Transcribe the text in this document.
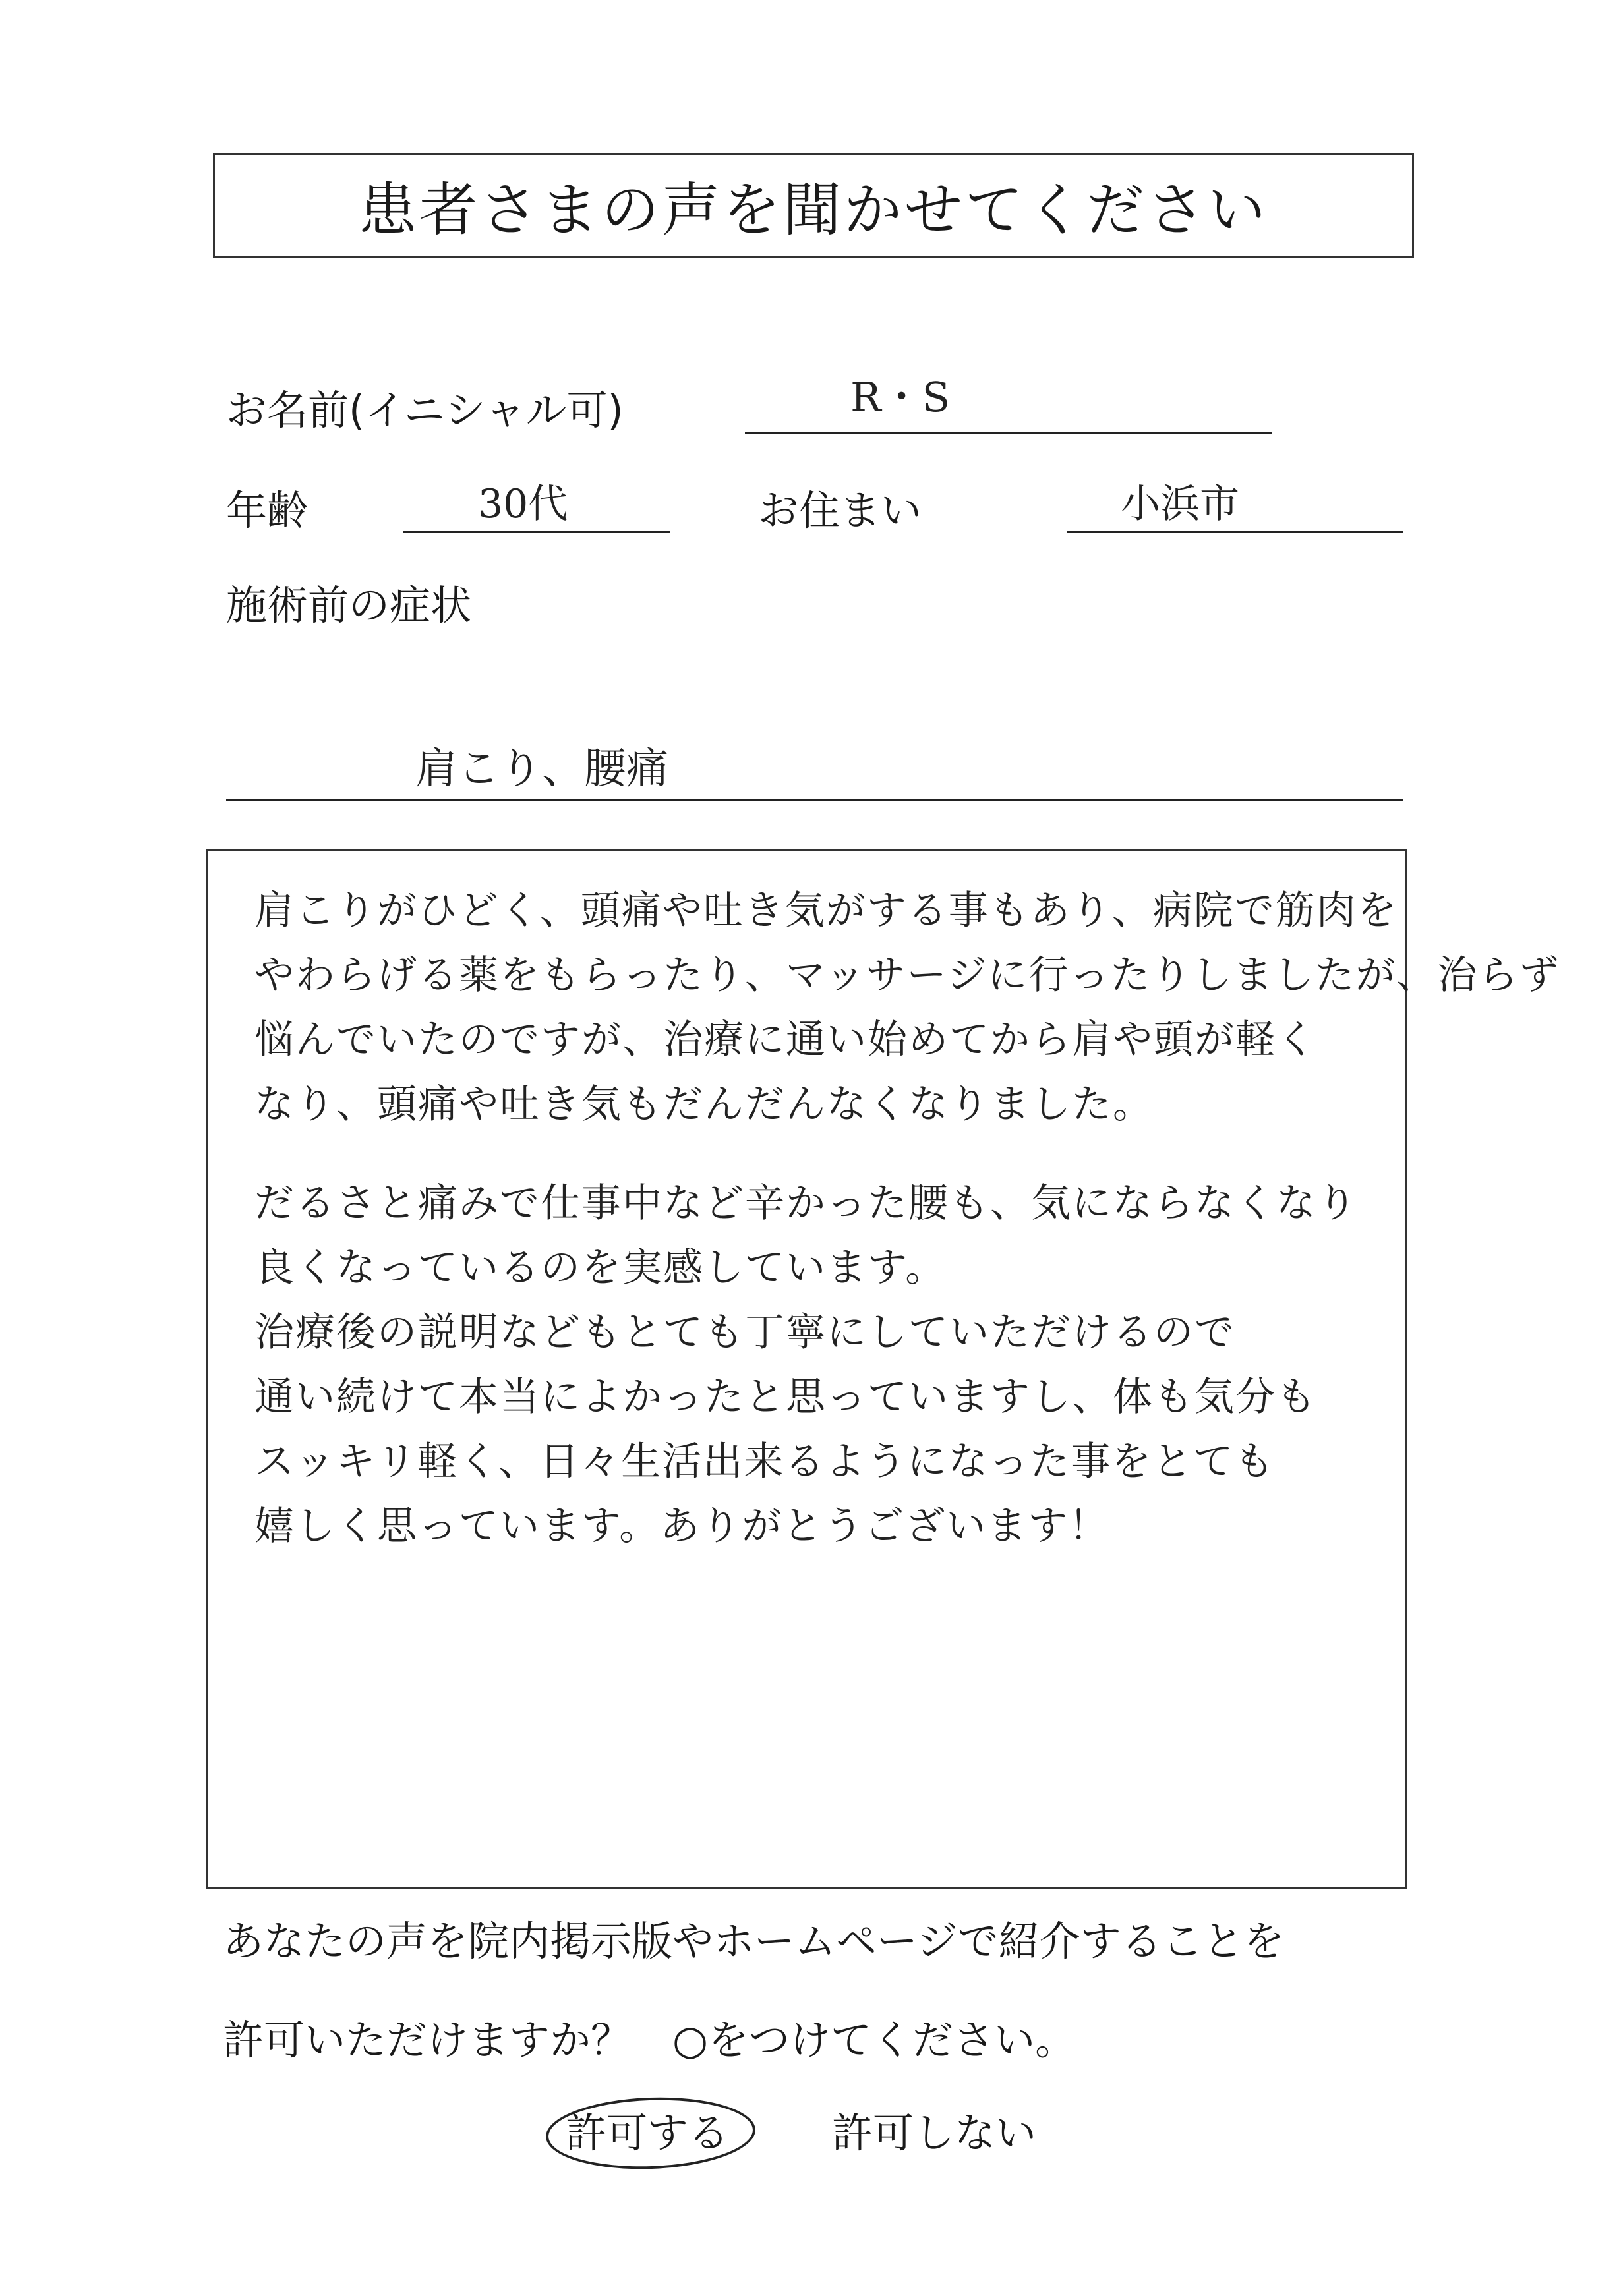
患者さまの声を聞かせてください
お名前(イニシャル可)	R・S
年齢	30代	お住まい	小浜市
施術前の症状
肩こり、腰痛
肩こりがひどく、頭痛や吐き気がする事もあり、病院で筋肉を
やわらげる薬をもらったり、マッサージに行ったりしましたが、治らず
悩んでいたのですが、治療に通い始めてから肩や頭が軽く
なり、頭痛や吐き気もだんだんなくなりました。
だるさと痛みで仕事中など辛かった腰も、気にならなくなり
良くなっているのを実感しています。
治療後の説明などもとても丁寧にしていただけるので
通い続けて本当によかったと思っていますし、体も気分も
スッキリ軽く、日々生活出来るようになった事をとても
嬉しく思っています。ありがとうございます！
あなたの声を院内掲示版やホームページで紹介することを
許可いただけますか？　○をつけてください。
許可する	許可しない
